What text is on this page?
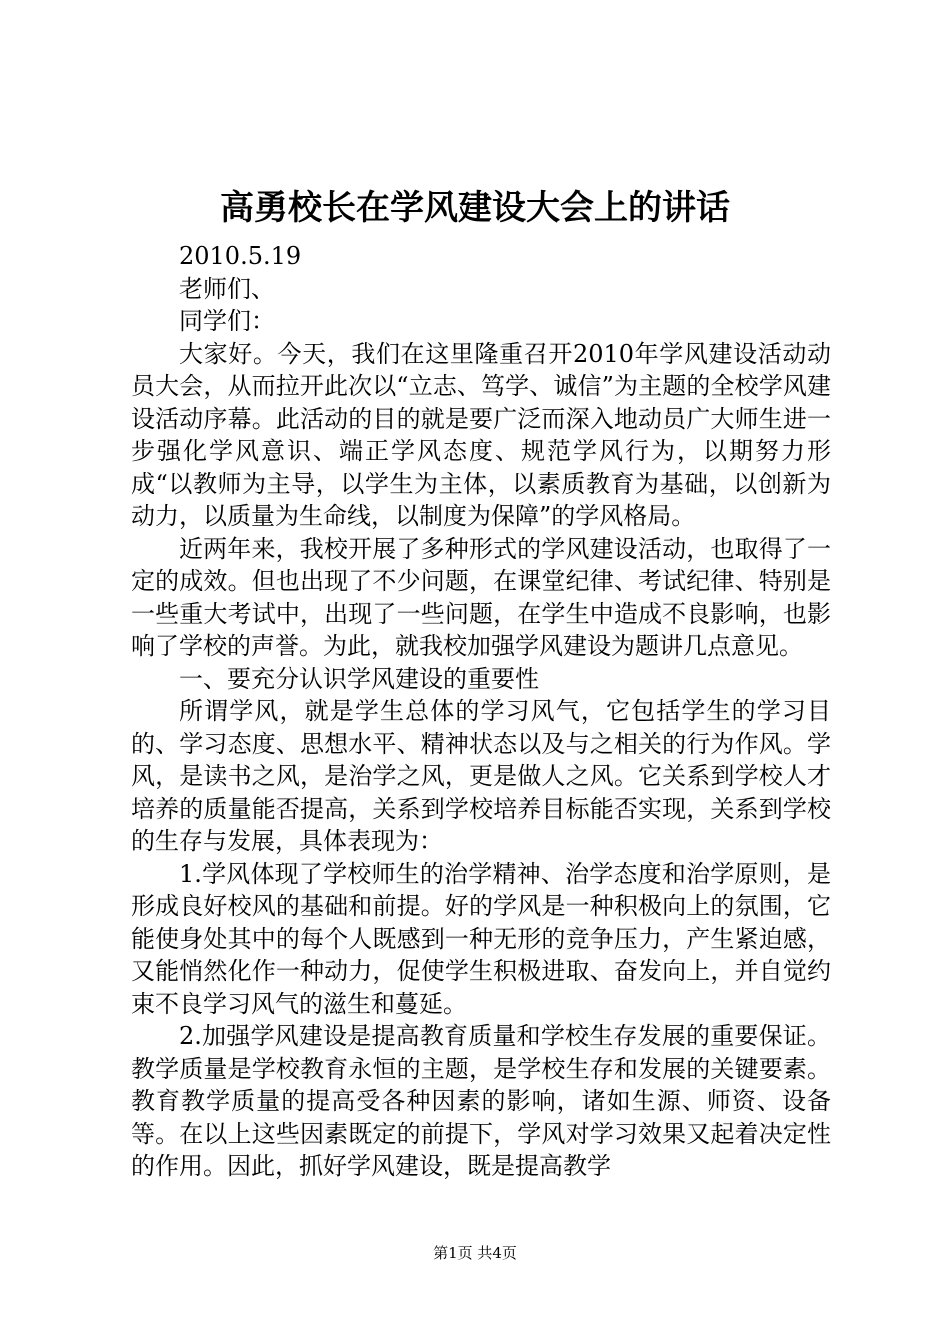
高勇校长在学风建设大会上的讲话

2010.5.19

老师们、

同学们：

大家好。今天，我们在这里隆重召开2010年学风建设活动动员大会，从而拉开此次以“立志、笃学、诚信”为主题的全校学风建设活动序幕。此活动的目的就是要广泛而深入地动员广大师生进一步强化学风意识、端正学风态度、规范学风行为，以期努力形成“以教师为主导，以学生为主体，以素质教育为基础，以创新为动力，以质量为生命线，以制度为保障”的学风格局。

近两年来，我校开展了多种形式的学风建设活动，也取得了一定的成效。但也出现了不少问题，在课堂纪律、考试纪律、特别是一些重大考试中，出现了一些问题，在学生中造成不良影响，也影响了学校的声誉。为此，就我校加强学风建设为题讲几点意见。

一、要充分认识学风建设的重要性

所谓学风，就是学生总体的学习风气，它包括学生的学习目的、学习态度、思想水平、精神状态以及与之相关的行为作风。学风，是读书之风，是治学之风，更是做人之风。它关系到学校人才培养的质量能否提高，关系到学校培养目标能否实现，关系到学校的生存与发展，具体表现为：

1.学风体现了学校师生的治学精神、治学态度和治学原则，是形成良好校风的基础和前提。好的学风是一种积极向上的氛围，它能使身处其中的每个人既感到一种无形的竞争压力，产生紧迫感，又能悄然化作一种动力，促使学生积极进取、奋发向上，并自觉约束不良学习风气的滋生和蔓延。

2.加强学风建设是提高教育质量和学校生存发展的重要保证。教学质量是学校教育永恒的主题，是学校生存和发展的关键要素。教育教学质量的提高受各种因素的影响，诸如生源、师资、设备等。在以上这些因素既定的前提下，学风对学习效果又起着决定性的作用。因此，抓好学风建设，既是提高教学

第1页 共4页
